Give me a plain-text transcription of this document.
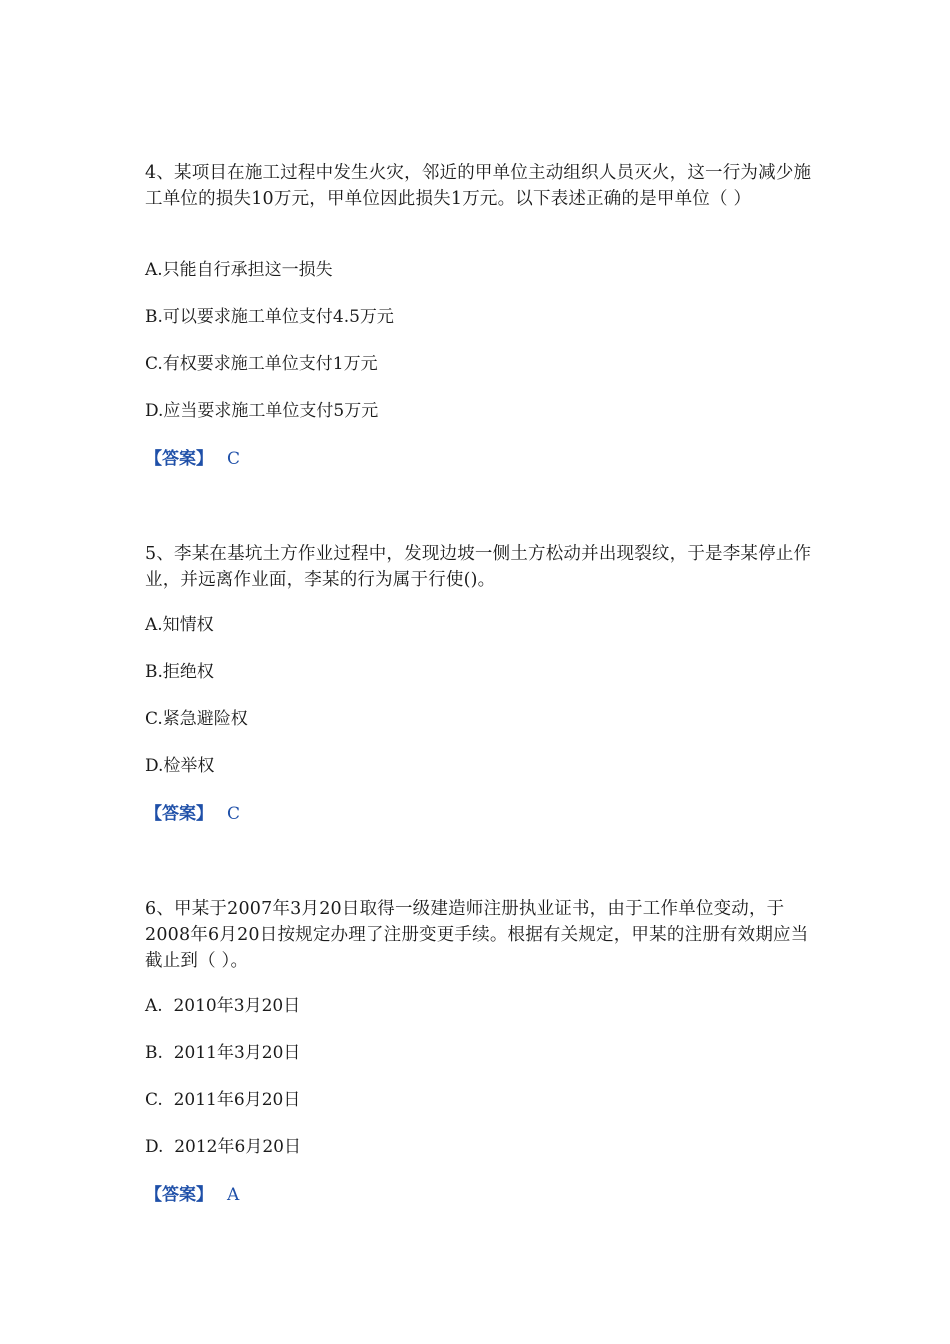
4、某项目在施工过程中发生火灾，邻近的甲单位主动组织人员灭火，这一行为减少施工单位的损失10万元，甲单位因此损失1万元。以下表述正确的是甲单位（ ）

A.只能自行承担这一损失

B.可以要求施工单位支付4.5万元

C.有权要求施工单位支付1万元

D.应当要求施工单位支付5万元

【答案】 C

5、李某在基坑土方作业过程中，发现边坡一侧土方松动并出现裂纹，于是李某停止作业，并远离作业面，李某的行为属于行使()。

A.知情权

B.拒绝权

C.紧急避险权

D.检举权

【答案】 C

6、甲某于2007年3月20日取得一级建造师注册执业证书，由于工作单位变动，于2008年6月20日按规定办理了注册变更手续。根据有关规定，甲某的注册有效期应当截止到（ ）。

A.  2010年3月20日

B.  2011年3月20日

C.  2011年6月20日

D.  2012年6月20日

【答案】 A
